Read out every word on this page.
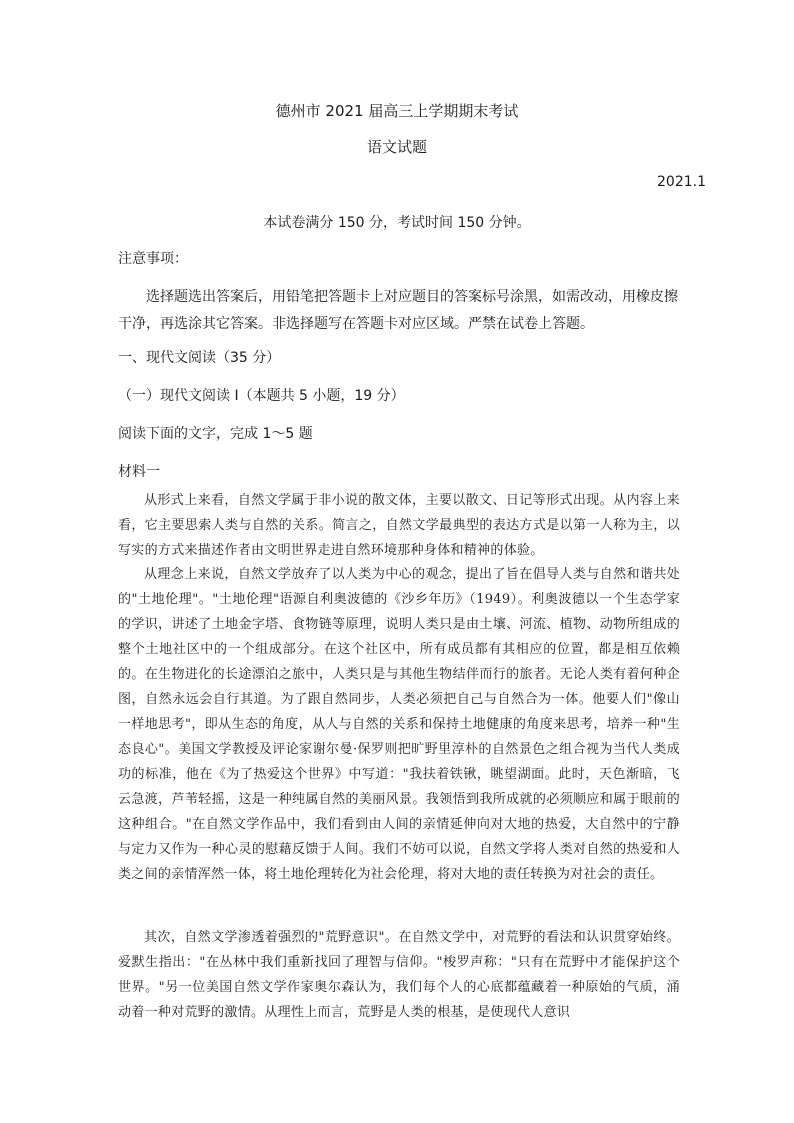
德州市 2021 届高三上学期期末考试
语文试题
2021.1
本试卷满分 150 分，考试时间 150 分钟。
注意事项：
选择题选出答案后，用铅笔把答题卡上对应题目的答案标号涂黑，如需改动，用橡皮擦干净，再选涂其它答案。非选择题写在答题卡对应区域。严禁在试卷上答题。
一、现代文阅读（35 分）
（一）现代文阅读 I（本题共 5 小题，19 分）
阅读下面的文字，完成 1～5 题
材料一
从形式上来看，自然文学属于非小说的散文体，主要以散文、日记等形式出现。从内容上来看，它主要思索人类与自然的关系。简言之，自然文学最典型的表达方式是以第一人称为主，以写实的方式来描述作者由文明世界走进自然环境那种身体和精神的体验。
从理念上来说，自然文学放弃了以人类为中心的观念，提出了旨在倡导人类与自然和谐共处的"土地伦理"。"土地伦理"语源自利奥波德的《沙乡年历》（1949）。利奥波德以一个生态学家的学识，讲述了土地金字塔、食物链等原理，说明人类只是由土壤、河流、植物、动物所组成的整个土地社区中的一个组成部分。在这个社区中，所有成员都有其相应的位置，都是相互依赖的。在生物进化的长途漂泊之旅中，人类只是与其他生物结伴而行的旅者。无论人类有着何种企图，自然永远会自行其道。为了跟自然同步，人类必须把自己与自然合为一体。他要人们"像山一样地思考"，即从生态的角度，从人与自然的关系和保持土地健康的角度来思考，培养一种"生态良心"。美国文学教授及评论家谢尔曼·保罗则把旷野里淳朴的自然景色之组合视为当代人类成功的标准，他在《为了热爱这个世界》中写道："我扶着铁锹，眺望湖面。此时，天色渐暗，飞云急渡，芦苇轻摇，这是一种纯属自然的美丽风景。我领悟到我所成就的必须顺应和属于眼前的这种组合。"在自然文学作品中，我们看到由人间的亲情延伸向对大地的热爱，大自然中的宁静与定力又作为一种心灵的慰藉反馈于人间。我们不妨可以说，自然文学将人类对自然的热爱和人类之间的亲情浑然一体，将土地伦理转化为社会伦理，将对大地的责任转换为对社会的责任。
其次，自然文学渗透着强烈的"荒野意识"。在自然文学中，对荒野的看法和认识贯穿始终。爱默生指出："在丛林中我们重新找回了理智与信仰。"梭罗声称："只有在荒野中才能保护这个世界。"另一位美国自然文学作家奥尔森认为，我们每个人的心底都蕴藏着一种原始的气质，涌动着一种对荒野的激情。从理性上而言，荒野是人类的根基，是使现代人意识
